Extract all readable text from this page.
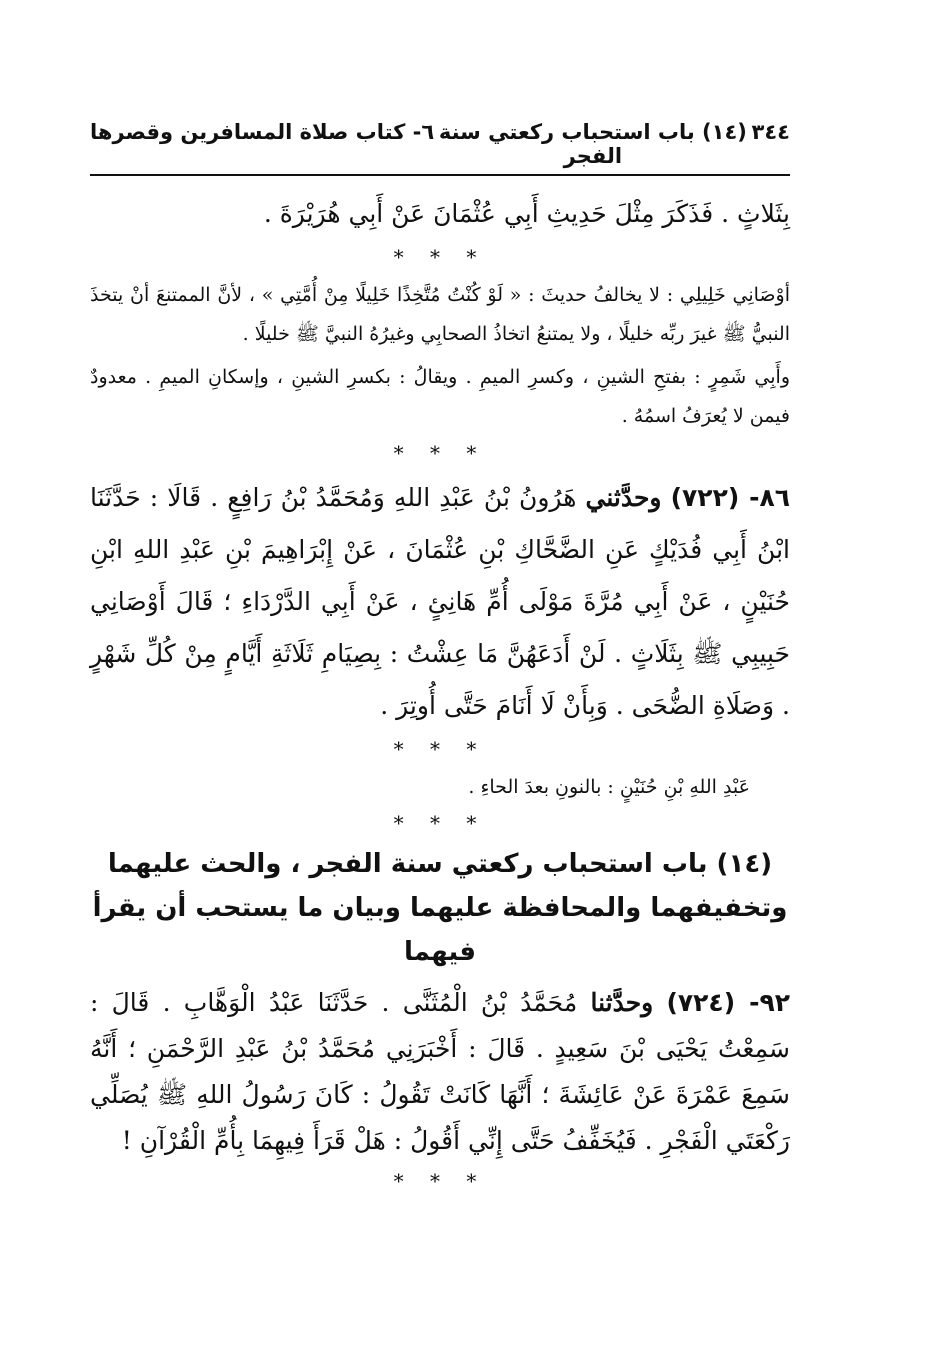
٣٤٤
(١٤) باب استحباب ركعتي سنة الفجر
٦- كتاب صلاة المسافرين وقصرها

بِثَلاثٍ . فَذَكَرَ مِثْلَ حَدِيثِ أَبِي عُثْمَانَ عَنْ أَبِي هُرَيْرَةَ .

* * *

أوْصَانِي خَلِيلِي : لا يخالفُ حديثَ : « لَوْ كُنْتُ مُتَّخِذًا خَلِيلًا مِنْ أُمَّتِي » ، لأنَّ الممتنعَ أنْ يتخذَ النبيُّ ﷺ غيرَ ربِّه خليلًا ، ولا يمتنعُ اتخاذُ الصحابِي وغيرُهُ النبيَّ ﷺ خليلًا .

وأَبِي شَمِرٍ : بفتحِ الشينِ ، وكسرِ الميمِ . ويقالُ : بكسرِ الشينِ ، وإسكانِ الميمِ . معدودٌ فيمن لا يُعرَفُ اسمُهُ .

* * *

٨٦- (٧٢٢) وحدَّثني هَرُونُ بْنُ عَبْدِ اللهِ وَمُحَمَّدُ بْنُ رَافِعٍ . قَالَا : حَدَّثَنَا ابْنُ أَبِي فُدَيْكٍ عَنِ الضَّحَّاكِ بْنِ عُثْمَانَ ، عَنْ إِبْرَاهِيمَ بْنِ عَبْدِ اللهِ ابْنِ حُنَيْنٍ ، عَنْ أَبِي مُرَّةَ مَوْلَى أُمِّ هَانِئٍ ، عَنْ أَبِي الدَّرْدَاءِ ؛ قَالَ أَوْصَانِي حَبِيبِي ﷺ بِثَلَاثٍ . لَنْ أَدَعَهُنَّ مَا عِشْتُ : بِصِيَامِ ثَلَاثَةِ أَيَّامٍ مِنْ كُلِّ شَهْرٍ . وَصَلَاةِ الضُّحَى . وَبِأَنْ لَا أَنَامَ حَتَّى أُوتِرَ .

* * *

عَبْدِ اللهِ بْنِ حُنَيْنٍ : بالنونِ بعدَ الحاءِ .

* * *
(١٤) باب استحباب ركعتي سنة الفجر ، والحث عليهما
وتخفيفهما والمحافظة عليهما وبيان ما يستحب أن يقرأ فيهما

٩٢- (٧٢٤) وحدَّثنا مُحَمَّدُ بْنُ الْمُثَنَّى . حَدَّثَنَا عَبْدُ الْوَهَّابِ . قَالَ : سَمِعْتُ يَحْيَى بْنَ سَعِيدٍ . قَالَ : أَخْبَرَنِي مُحَمَّدُ بْنُ عَبْدِ الرَّحْمَنِ ؛ أَنَّهُ سَمِعَ عَمْرَةَ عَنْ عَائِشَةَ ؛ أَنَّهَا كَانَتْ تَقُولُ : كَانَ رَسُولُ اللهِ ﷺ يُصَلِّي رَكْعَتَي الْفَجْرِ . فَيُخَفِّفُ حَتَّى إِنِّي أَقُولُ : هَلْ قَرَأَ فِيهِمَا بِأُمِّ الْقُرْآنِ !

* * *
